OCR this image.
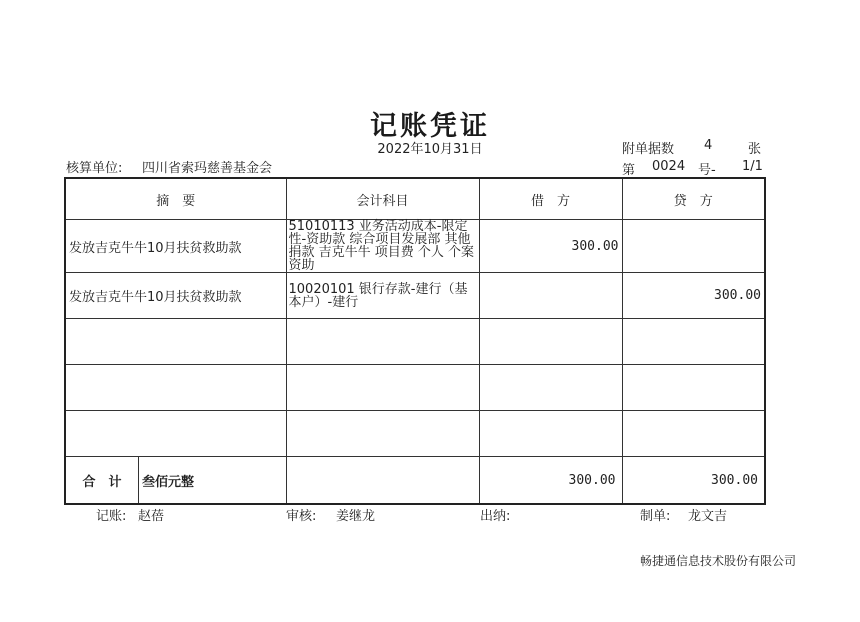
记账凭证
2022年10月31日	附单据数 4	张
核算单位: 四川省索玛慈善基金会	第 0024 号- 1/1
摘　要	会计科目	借　方	贷　方
发放吉克牛牛10月扶贫救助款	51010113 业务活动成本-限定性-资助款 综合项目发展部 其他捐款 吉克牛牛 项目费 个人 个案资助	300.00	
发放吉克牛牛10月扶贫救助款	10020101 银行存款-建行（基本户）-建行		300.00

合　计 叁佰元整		300.00	300.00
记账: 赵蓓	审核: 姜继龙	出纳:	制单: 龙文吉
畅捷通信息技术股份有限公司
